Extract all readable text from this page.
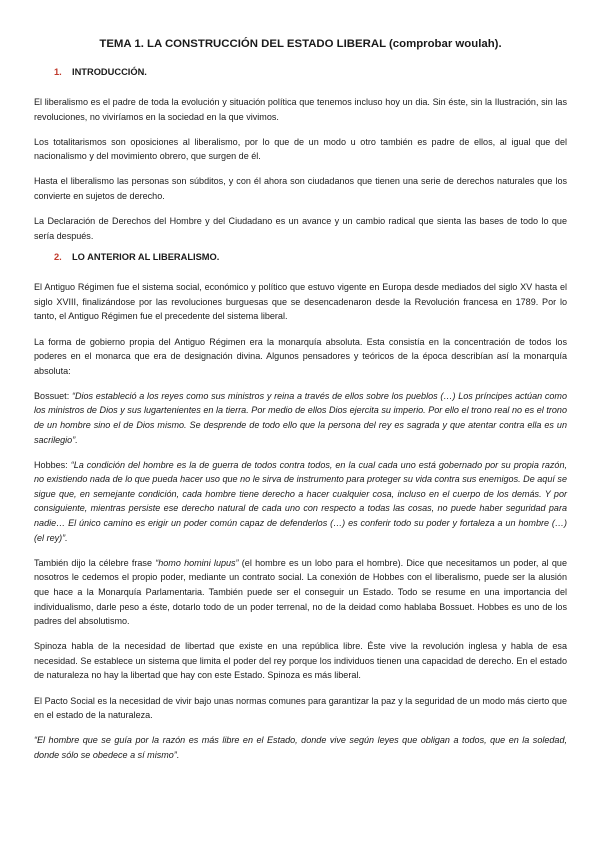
TEMA 1. LA CONSTRUCCIÓN DEL ESTADO LIBERAL (comprobar woulah).
1. INTRODUCCIÓN.

El liberalismo es el padre de toda la evolución y situación política que tenemos incluso hoy un dia. Sin éste, sin la Ilustración, sin las revoluciones, no viviríamos en la sociedad en la que vivimos.

Los totalitarismos son oposiciones al liberalismo, por lo que de un modo u otro también es padre de ellos, al igual que del nacionalismo y del movimiento obrero, que surgen de él.

Hasta el liberalismo las personas son súbditos, y con él ahora son ciudadanos que tienen una serie de derechos naturales que los convierte en sujetos de derecho.

La Declaración de Derechos del Hombre y del Ciudadano es un avance y un cambio radical que sienta las bases de todo lo que sería después.

2. LO ANTERIOR AL LIBERALISMO.

El Antiguo Régimen fue el sistema social, económico y político que estuvo vigente en Europa desde mediados del siglo XV hasta el siglo XVIII, finalizándose por las revoluciones burguesas que se desencadenaron desde la Revolución francesa en 1789. Por lo tanto, el Antiguo Régimen fue el precedente del sistema liberal.

La forma de gobierno propia del Antiguo Régimen era la monarquía absoluta. Esta consistía en la concentración de todos los poderes en el monarca que era de designación divina. Algunos pensadores y teóricos de la época describían así la monarquía absoluta:

Bossuet: “Dios estableció a los reyes como sus ministros y reina a través de ellos sobre los pueblos (…) Los príncipes actúan como los ministros de Dios y sus lugartenientes en la tierra. Por medio de ellos Dios ejercita su imperio. Por ello el trono real no es el trono de un hombre sino el de Dios mismo. Se desprende de todo ello que la persona del rey es sagrada y que atentar contra ella es un sacrilegio”.

Hobbes: “La condición del hombre es la de guerra de todos contra todos, en la cual cada uno está gobernado por su propia razón, no existiendo nada de lo que pueda hacer uso que no le sirva de instrumento para proteger su vida contra sus enemigos. De aquí se sigue que, en semejante condición, cada hombre tiene derecho a hacer cualquier cosa, incluso en el cuerpo de los demás. Y por consiguiente, mientras persiste ese derecho natural de cada uno con respecto a todas las cosas, no puede haber seguridad para nadie… El único camino es erigir un poder común capaz de defenderlos (…) es conferir todo su poder y fortaleza a un hombre (…) (el rey)”.

También dijo la célebre frase “homo homini lupus” (el hombre es un lobo para el hombre). Dice que necesitamos un poder, al que nosotros le cedemos el propio poder, mediante un contrato social. La conexión de Hobbes con el liberalismo, puede ser la alusión que hace a la Monarquía Parlamentaria. También puede ser el conseguir un Estado. Todo se resume en una importancia del individualismo, darle peso a éste, dotarlo todo de un poder terrenal, no de la deidad como hablaba Bossuet. Hobbes es uno de los padres del absolutismo.

Spinoza habla de la necesidad de libertad que existe en una república libre. Éste vive la revolución inglesa y habla de esa necesidad. Se establece un sistema que limita el poder del rey porque los individuos tienen una capacidad de derecho. En el estado de naturaleza no hay la libertad que hay con este Estado. Spinoza es más liberal.

El Pacto Social es la necesidad de vivir bajo unas normas comunes para garantizar la paz y la seguridad de un modo más cierto que en el estado de la naturaleza.

“El hombre que se guía por la razón es más libre en el Estado, donde vive según leyes que obligan a todos, que en la soledad, donde sólo se obedece a sí mismo”.
